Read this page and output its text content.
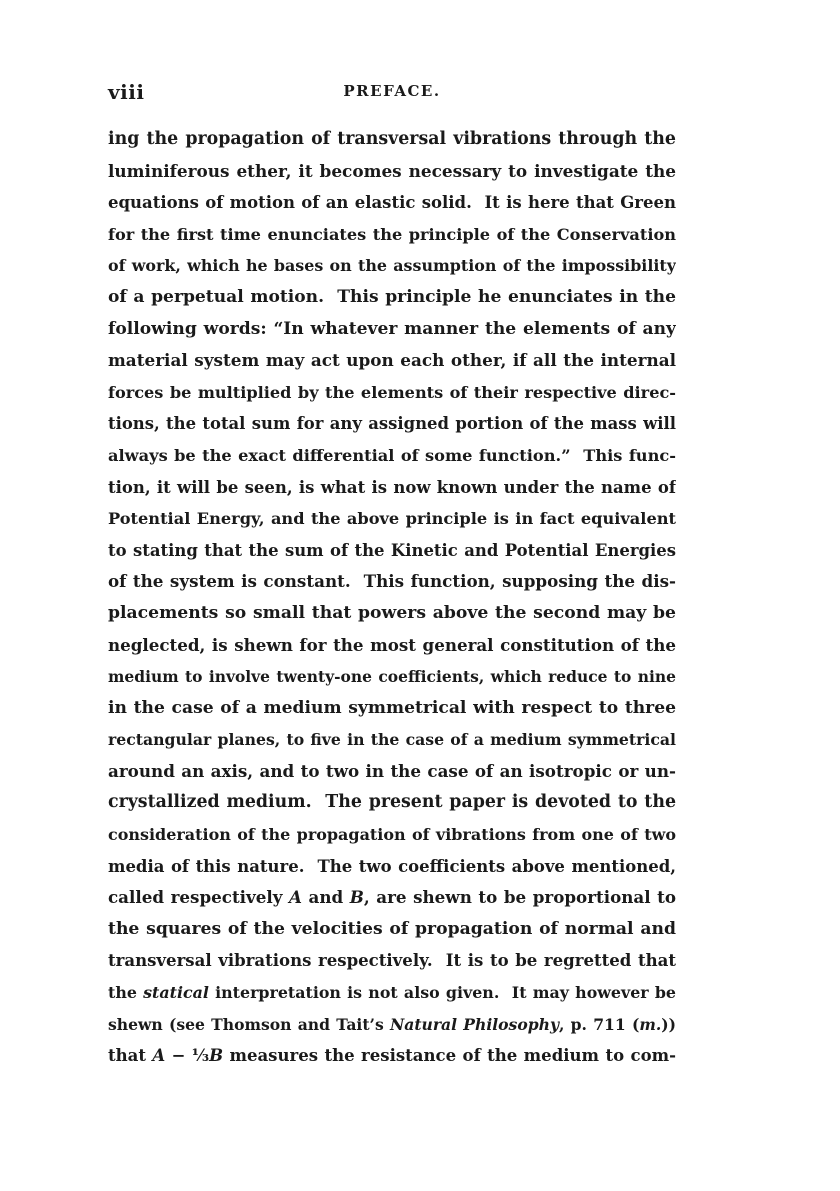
viii	PREFACE.
ing the propagation of transversal vibrations through the
luminiferous ether, it becomes necessary to investigate the
equations of motion of an elastic solid.  It is here that Green
for the first time enunciates the principle of the Conservation
of work, which he bases on the assumption of the impossibility
of a perpetual motion.  This principle he enunciates in the
following words: “In whatever manner the elements of any
material system may act upon each other, if all the internal
forces be multiplied by the elements of their respective direc-
tions, the total sum for any assigned portion of the mass will
always be the exact differential of some function.”  This func-
tion, it will be seen, is what is now known under the name of
Potential Energy, and the above principle is in fact equivalent
to stating that the sum of the Kinetic and Potential Energies
of the system is constant.  This function, supposing the dis-
placements so small that powers above the second may be
neglected, is shewn for the most general constitution of the
medium to involve twenty-one coefficients, which reduce to nine
in the case of a medium symmetrical with respect to three
rectangular planes, to five in the case of a medium symmetrical
around an axis, and to two in the case of an isotropic or un-
crystallized medium.  The present paper is devoted to the
consideration of the propagation of vibrations from one of two
media of this nature.  The two coefficients above mentioned,
called respectively A and B, are shewn to be proportional to
the squares of the velocities of propagation of normal and
transversal vibrations respectively.  It is to be regretted that
the statical interpretation is not also given.  It may however be
shewn (see Thomson and Tait’s Natural Philosophy, p. 711 (m.))
that A − ⅓B measures the resistance of the medium to com-
